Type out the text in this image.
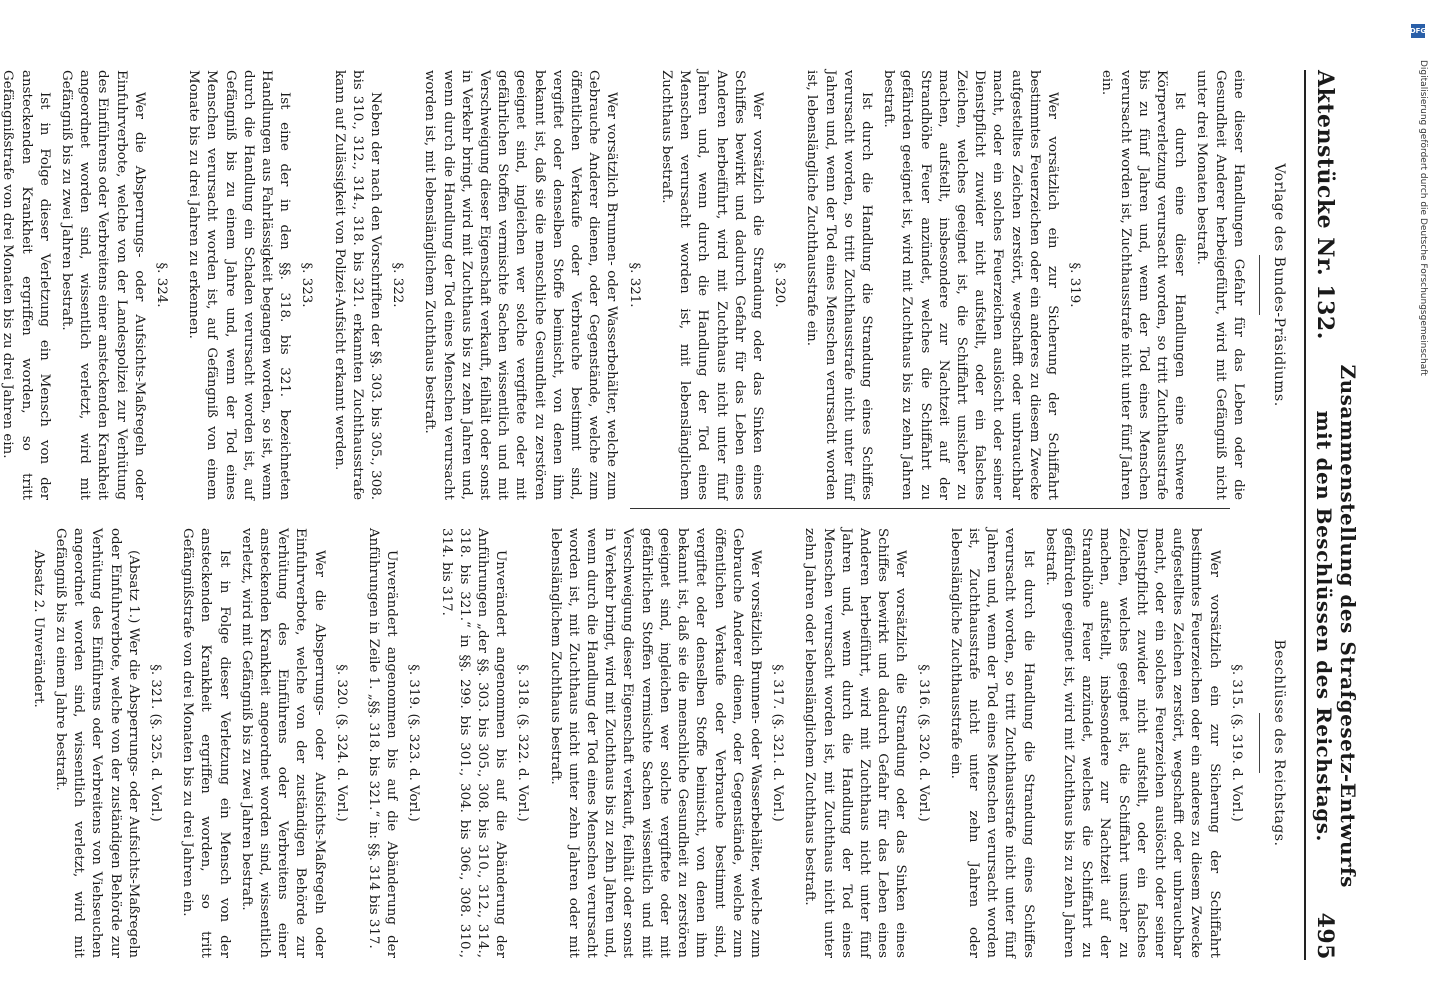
Aktenstücke Nr. 132.
Zusammenstellung des Strafgesetz-Entwurfs mit den Beschlüssen des Reichstags.
495
Vorlage des Bundes-Präsidiums.
eine dieser Handlungen Gefahr für das Leben oder die Gesundheit Anderer herbeigeführt, wird mit Gefängniß nicht unter drei Monaten bestraft.
Ist durch eine dieser Handlungen eine schwere Körperverletzung verursacht worden, so tritt Zuchthausstrafe bis zu fünf Jahren und, wenn der Tod eines Menschen verursacht worden ist, Zuchthausstrafe nicht unter fünf Jahren ein.
§. 319.
Wer vorsätzlich ein zur Sicherung der Schiffahrt bestimmtes Feuerzeichen oder ein anderes zu diesem Zwecke aufgestelltes Zeichen zerstört, wegschafft oder unbrauchbar macht, oder ein solches Feuerzeichen auslöscht oder seiner Dienstpflicht zuwider nicht aufstellt, oder ein falsches Zeichen, welches geeignet ist, die Schiffahrt unsicher zu machen, aufstellt, insbesondere zur Nachtzeit auf der Strandhöhe Feuer anzündet, welches die Schiffahrt zu gefährden geeignet ist, wird mit Zuchthaus bis zu zehn Jahren bestraft.
Ist durch die Handlung die Strandung eines Schiffes verursacht worden, so tritt Zuchthausstrafe nicht unter fünf Jahren und, wenn der Tod eines Menschen verursacht worden ist, lebenslängliche Zuchthausstrafe ein.
§. 320.
Wer vorsätzlich die Strandung oder das Sinken eines Schiffes bewirkt und dadurch Gefahr für das Leben eines Anderen herbeiführt, wird mit Zuchthaus nicht unter fünf Jahren und, wenn durch die Handlung der Tod eines Menschen verursacht worden ist, mit lebenslänglichem Zuchthaus bestraft.
§. 321.
Wer vorsätzlich Brunnen- oder Wasserbehälter, welche zum Gebrauche Anderer dienen, oder Gegenstände, welche zum öffentlichen Verkaufe oder Verbrauche bestimmt sind, vergiftet oder denselben Stoffe beimischt, von denen ihm bekannt ist, daß sie die menschliche Gesundheit zu zerstören geeignet sind, ingleichen wer solche vergiftete oder mit gefährlichen Stoffen vermischte Sachen wissentlich und mit Verschweigung dieser Eigenschaft verkauft, feilhält oder sonst in Verkehr bringt, wird mit Zuchthaus bis zu zehn Jahren und, wenn durch die Handlung der Tod eines Menschen verursacht worden ist, mit lebenslänglichem Zuchthaus bestraft.
§. 322.
Neben der nach den Vorschriften der §§. 303. bis 305., 308. bis 310., 312., 314., 318. bis 321. erkannten Zuchthausstrafe kann auf Zulässigkeit von Polizei-Aufsicht erkannt werden.
§. 323.
Ist eine der in den §§. 318. bis 321. bezeichneten Handlungen aus Fahrlässigkeit begangen worden, so ist, wenn durch die Handlung ein Schaden verursacht worden ist, auf Gefängniß bis zu einem Jahre und, wenn der Tod eines Menschen verursacht worden ist, auf Gefängniß von einem Monate bis zu drei Jahren zu erkennen.
§. 324.
Wer die Absperrungs- oder Aufsichts-Maßregeln oder Einfuhrverbote, welche von der Landespolizei zur Verhütung des Einführens oder Verbreitens einer ansteckenden Krankheit angeordnet worden sind, wissentlich verletzt, wird mit Gefängniß bis zu zwei Jahren bestraft.
Ist in Folge dieser Verletzung ein Mensch von der ansteckenden Krankheit ergriffen worden, so tritt Gefängnißstrafe von drei Monaten bis zu drei Jahren ein.
Beschlüsse des Reichstags.
§. 315. (§. 319. d. Vorl.)
Wer vorsätzlich ein zur Sicherung der Schiffahrt bestimmtes Feuerzeichen oder ein anderes zu diesem Zwecke aufgestelltes Zeichen zerstört, wegschafft oder unbrauchbar macht, oder ein solches Feuerzeichen auslöscht oder seiner Dienstpflicht zuwider nicht aufstellt, oder ein falsches Zeichen, welches geeignet ist, die Schiffahrt unsicher zu machen, aufstellt, insbesondere zur Nachtzeit auf der Strandhöhe Feuer anzündet, welches die Schiffahrt zu gefährden geeignet ist, wird mit Zuchthaus bis zu zehn Jahren bestraft.
Ist durch die Handlung die Strandung eines Schiffes verursacht worden, so tritt Zuchthausstrafe nicht unter fünf Jahren und, wenn der Tod eines Menschen verursacht worden ist, Zuchthausstrafe nicht unter zehn Jahren oder lebenslängliche Zuchthausstrafe ein.
§. 316. (§. 320. d. Vorl.)
Wer vorsätzlich die Strandung oder das Sinken eines Schiffes bewirkt und dadurch Gefahr für das Leben eines Anderen herbeiführt, wird mit Zuchthaus nicht unter fünf Jahren und, wenn durch die Handlung der Tod eines Menschen verursacht worden ist, mit Zuchthaus nicht unter zehn Jahren oder lebenslänglichem Zuchthaus bestraft.
§. 317. (§. 321. d. Vorl.)
Wer vorsätzlich Brunnen- oder Wasserbehälter, welche zum Gebrauche Anderer dienen, oder Gegenstände, welche zum öffentlichen Verkaufe oder Verbrauche bestimmt sind, vergiftet oder denselben Stoffe beimischt, von denen ihm bekannt ist, daß sie die menschliche Gesundheit zu zerstören geeignet sind, ingleichen wer solche vergiftete oder mit gefährlichen Stoffen vermischte Sachen wissentlich und mit Verschweigung dieser Eigenschaft verkauft, feilhält oder sonst in Verkehr bringt, wird mit Zuchthaus bis zu zehn Jahren und, wenn durch die Handlung der Tod eines Menschen verursacht worden ist, mit Zuchthaus nicht unter zehn Jahren oder mit lebenslänglichem Zuchthaus bestraft.
§. 318. (§. 322. d. Vorl.)
Unverändert angenommen bis auf die Abänderung der Anführungen „der §§. 303. bis 305., 308. bis 310., 312., 314., 318. bis 321.“ in §§. 299. bis 301., 304. bis 306., 308. 310., 314. bis 317.
§. 319. (§. 323. d. Vorl.)
Unverändert angenommen bis auf die Abänderung der Anführungen in Zeile 1. „§§. 318. bis 321.“ in: §§. 314 bis 317.
§. 320. (§. 324. d. Vorl.)
Wer die Absperrungs- oder Aufsichts-Maßregeln oder Einfuhrverbote, welche von der zuständigen Behörde zur Verhütung des Einführens oder Verbreitens einer ansteckenden Krankheit angeordnet worden sind, wissentlich verletzt, wird mit Gefängniß bis zu zwei Jahren bestraft.
Ist in Folge dieser Verletzung ein Mensch von der ansteckenden Krankheit ergriffen worden, so tritt Gefängnißstrafe von drei Monaten bis zu drei Jahren ein.
§. 321. (§. 325. d. Vorl.)
(Absatz 1.) Wer die Absperrungs- oder Aufsichts-Maßregeln oder Einfuhrverbote, welche von der zuständigen Behörde zur Verhütung des Einführens oder Verbreitens von Viehseuchen angeordnet worden sind, wissentlich verletzt, wird mit Gefängniß bis zu einem Jahre bestraft.
Absatz 2. Unverändert.
DFG
Digitalisierung gefördert durch die Deutsche Forschungsgemeinschaft
